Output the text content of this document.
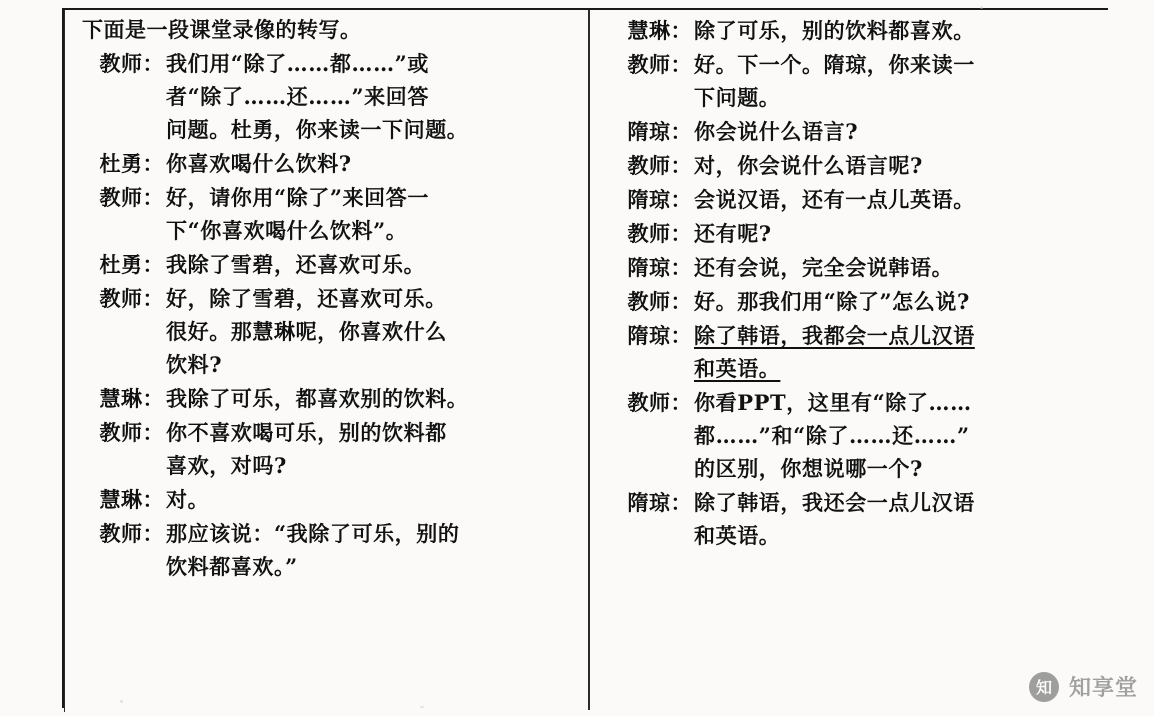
下面是一段课堂录像的转写。

教师： 我们用“除了……都……”或
者“除了……还……”来回答
问题。杜勇，你来读一下问题。
杜勇： 你喜欢喝什么饮料?
教师： 好，请你用“除了”来回答一
下“你喜欢喝什么饮料”。
杜勇： 我除了雪碧，还喜欢可乐。
教师： 好，除了雪碧，还喜欢可乐。
很好。那慧琳呢，你喜欢什么
饮料?
慧琳： 我除了可乐，都喜欢别的饮料。
教师： 你不喜欢喝可乐，别的饮料都
喜欢，对吗?
慧琳： 对。
教师： 那应该说：“我除了可乐，别的
饮料都喜欢。”
慧琳： 除了可乐，别的饮料都喜欢。
教师： 好。下一个。隋琼，你来读一
下问题。
隋琼： 你会说什么语言?
教师： 对，你会说什么语言呢?
隋琼： 会说汉语，还有一点儿英语。
教师： 还有呢?
隋琼： 还有会说，完全会说韩语。
教师： 好。那我们用“除了”怎么说?
隋琼： 除了韩语，我都会一点儿汉语
和英语。
教师： 你看PPT，这里有“除了……
都……”和“除了……还……”
的区别，你想说哪一个?
隋琼： 除了韩语，我还会一点儿汉语
和英语。
知 知享堂
